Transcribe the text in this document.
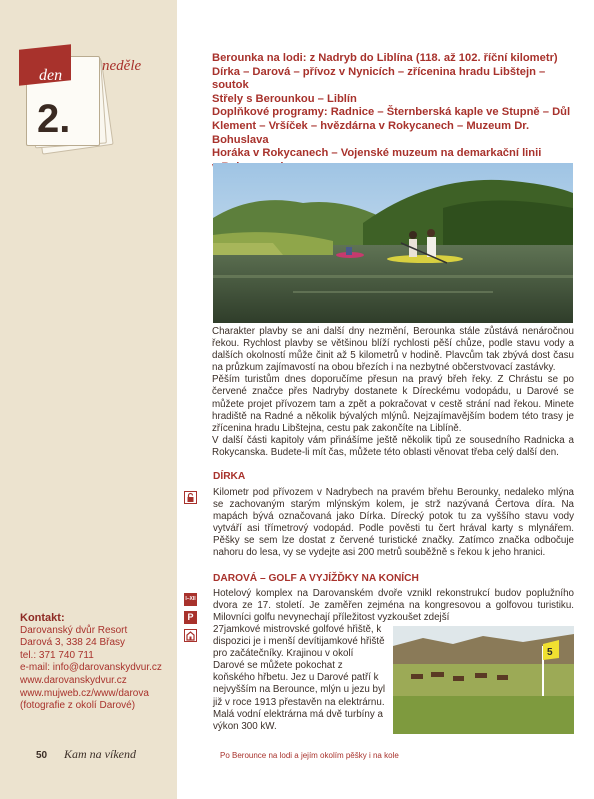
den
2.
neděle	Berounka na lodi: z Nadryb do Liblína (118. až 102. říční kilometr)
Dírka – Darová – přívoz v Nynicích – zřícenina hradu Libštejn – soutok
Střely s Berounkou – Liblín
Doplňkové programy: Radnice – Šternberská kaple ve Stupně – Důl
Klement – Vršíček – hvězdárna v Rokycanech – Muzeum Dr. Bohuslava
Horáka v Rokycanech – Vojenské muzeum na demarkační linii

Charakter plavby se ani další dny nezmění, Berounka stále zůstává nenáročnou řekou. Rychlost plavby se většinou blíží rychlosti pěší chůze, podle stavu vody a dalších okolností může činit až 5 kilometrů v hodině. Plavcům tak zbývá dost času na průzkum zajímavostí na obou březích i na nezbytné občerstvovací zastávky.

Pěším turistům dnes doporučíme přesun na pravý břeh řeky. Z Chrástu se po červené značce přes Nadryby dostanete k Díreckému vodopádu, u Darové se můžete projet přívozem tam a zpět a pokračovat v cestě strání nad řekou. Minete hradiště na Radné a několik bývalých mlýnů. Nejzajímavějším bodem této trasy je zřícenina hradu Libštejna, cestu pak zakončíte na Liblíně.

V další části kapitoly vám přinášíme ještě několik tipů ze sousedního Radnicka a Rokycanska. Budete-li mít čas, můžete této oblasti věnovat třeba celý další den.

DÍRKA
Kilometr pod přívozem v Nadrybech na pravém břehu Berounky, nedaleko mlýna se zachovaným starým mlýnským kolem, je strž nazývaná Čertova díra. Na mapách bývá označovaná jako Dírka. Dírecký potok tu za vyššího stavu vody vytváří asi třímetrový vodopád. Podle pověsti tu čert hrával karty s mlynářem. Pěšky se sem lze dostat z červené turistické značky. Zatímco značka odbočuje nahoru do lesa, vy se vydejte asi 200 metrů souběžně s řekou k jeho hranici.
DAROVÁ – GOLF A VYJÍŽĎKY NA KONÍCH
I–XII
P
Hotelový komplex na Darovanském dvoře vznikl rekonstrukcí budov poplužního dvora ze 17. století. Je zaměřen zejména na kongresovou a golfovou turistiku. Milovníci golfu nevynechají příležitost vyzkoušet zdejší
27jamkové mistrovské golfové hřiště, k dispozici je i menší devítijamkové hřiště pro začátečníky. Krajinou v okolí Darové se můžete pokochat z koňského hřbetu. Jez u Darové patří k nejvyšším na Berounce, mlýn u jezu byl již v roce 1913 přestavěn na elektrárnu. Malá vodní elektrárna má dvě turbíny a výkon 300 kW.
5
Kontakt:
Darovanský dvůr Resort
Darová 3, 338 24 Břasy
tel.: 371 740 711
e-mail: info@darovanskydvur.cz
www.darovanskydvur.cz
www.mujweb.cz/www/darova
(fotografie z okolí Darové)
50 Kam na víkend	Po Berounce na lodi a jejím okolím pěšky i na kole
